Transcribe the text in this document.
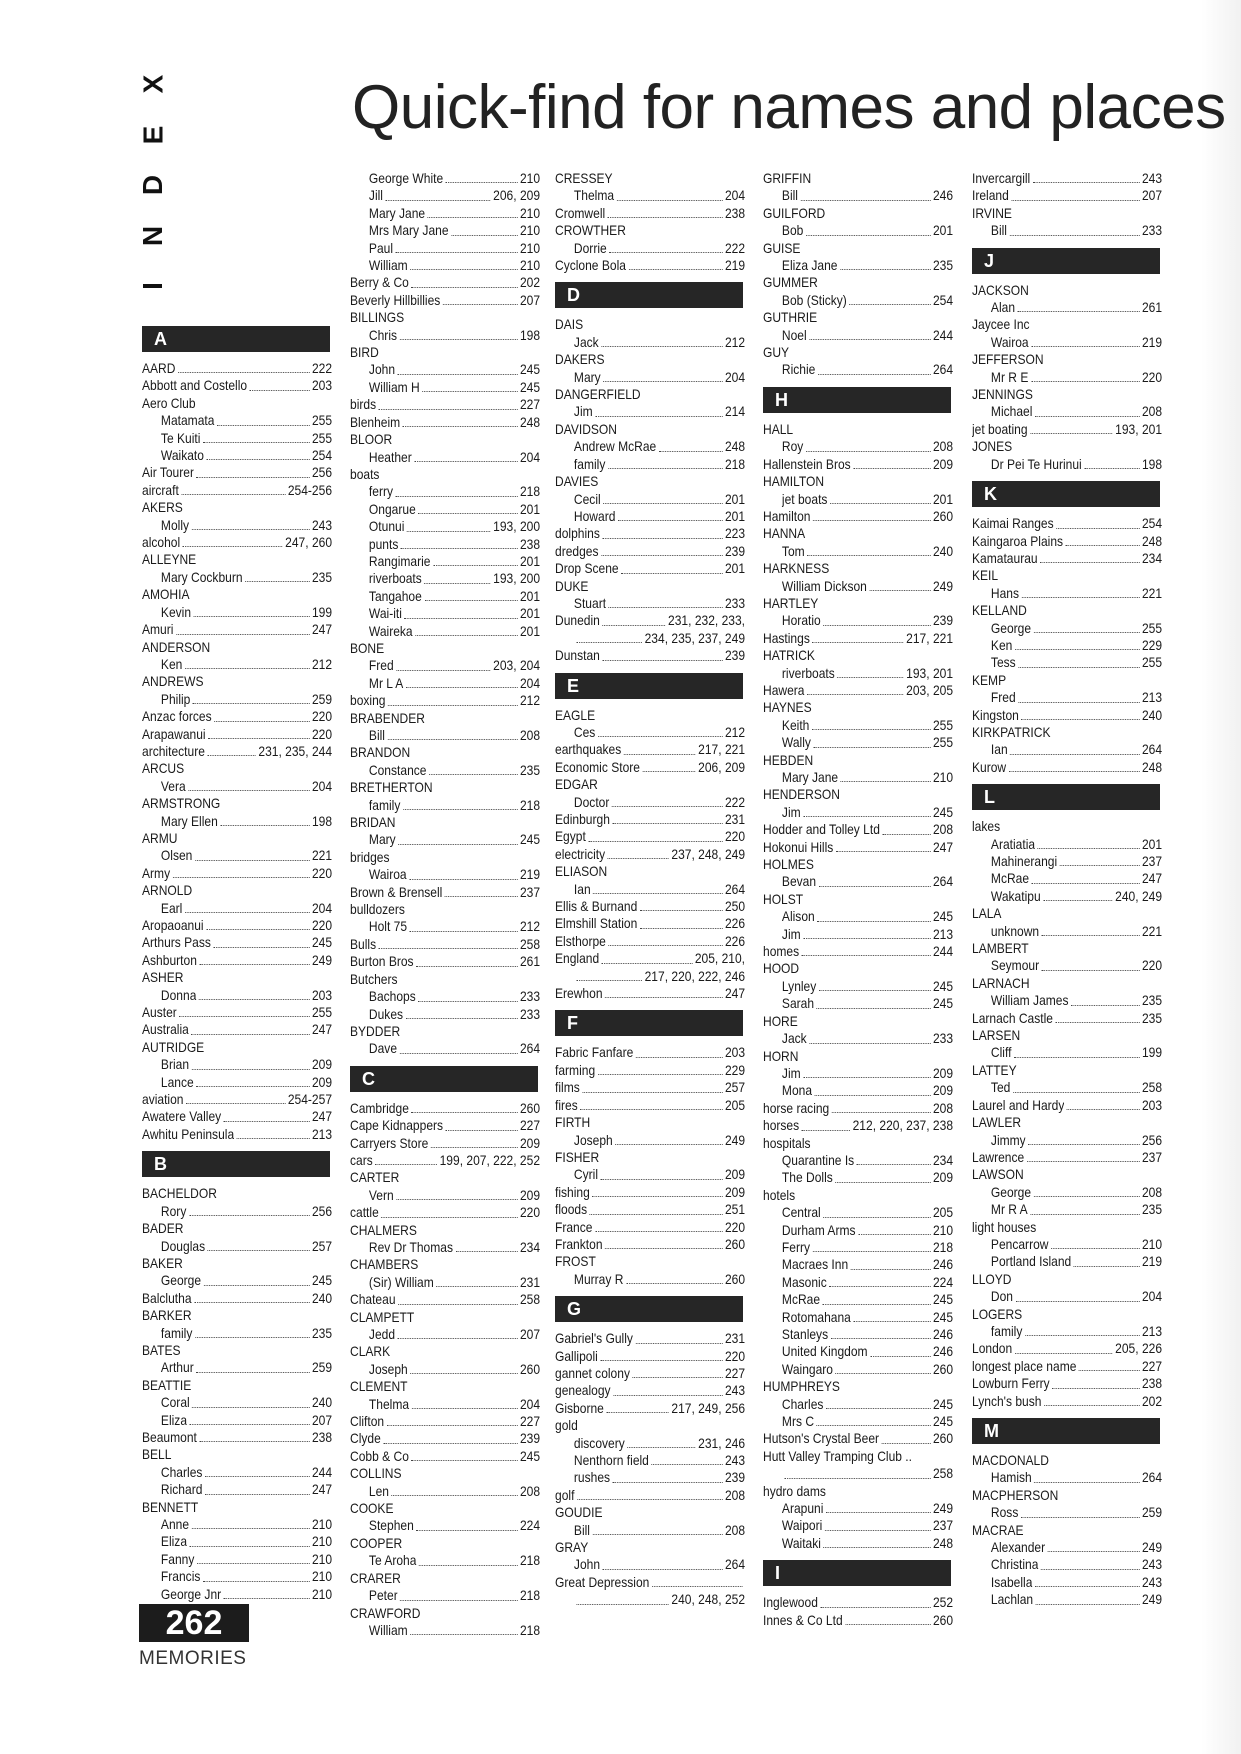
X
E
D
N
I
Quick-find for names and places
A
AARD	222
Abbott and Costello	203
Aero Club
Matamata	255
Te Kuiti	255
Waikato	254
Air Tourer	256
aircraft	254-256
AKERS
Molly	243
alcohol	247, 260
ALLEYNE
Mary Cockburn	235
AMOHIA
Kevin	199
Amuri	247
ANDERSON
Ken	212
ANDREWS
Philip	259
Anzac forces	220
Arapawanui	220
architecture	231, 235, 244
ARCUS
Vera	204
ARMSTRONG
Mary Ellen	198
ARMU
Olsen	221
Army	220
ARNOLD
Earl	204
Aropaoanui	220
Arthurs Pass	245
Ashburton	249
ASHER
Donna	203
Auster	255
Australia	247
AUTRIDGE
Brian	209
Lance	209
aviation	254-257
Awatere Valley	247
Awhitu Peninsula	213
B
BACHELDOR
Rory	256
BADER
Douglas	257
BAKER
George	245
Balclutha	240
BARKER
family	235
BATES
Arthur	259
BEATTIE
Coral	240
Eliza	207
Beaumont	238
BELL
Charles	244
Richard	247
BENNETT
Anne	210
Eliza	210
Fanny	210
Francis	210
George Jnr	210
George White	210
Jill	206, 209
Mary Jane	210
Mrs Mary Jane	210
Paul	210
William	210
Berry & Co	202
Beverly Hillbillies	207
BILLINGS
Chris	198
BIRD
John	245
William H	245
birds	227
Blenheim	248
BLOOR
Heather	204
boats
ferry	218
Ongarue	201
Otunui	193, 200
punts	238
Rangimarie	201
riverboats	193, 200
Tangahoe	201
Wai-iti	201
Waireka	201
BONE
Fred	203, 204
Mr L A	204
boxing	212
BRABENDER
Bill	208
BRANDON
Constance	235
BRETHERTON
family	218
BRIDAN
Mary	245
bridges
Wairoa	219
Brown & Brensell	237
bulldozers
Holt 75	212
Bulls	258
Burton Bros	261
Butchers
Bachops	233
Dukes	233
BYDDER
Dave	264
C
Cambridge	260
Cape Kidnappers	227
Carryers Store	209
cars	199, 207, 222, 252
CARTER
Vern	209
cattle	220
CHALMERS
Rev Dr Thomas	234
CHAMBERS
(Sir) William	231
Chateau	258
CLAMPETT
Jedd	207
CLARK
Joseph	260
CLEMENT
Thelma	204
Clifton	227
Clyde	239
Cobb & Co	245
COLLINS
Len	208
COOKE
Stephen	224
COOPER
Te Aroha	218
CRARER
Peter	218
CRAWFORD
William	218
CRESSEY
Thelma	204
Cromwell	238
CROWTHER
Dorrie	222
Cyclone Bola	219
D
DAIS
Jack	212
DAKERS
Mary	204
DANGERFIELD
Jim	214
DAVIDSON
Andrew McRae	248
family	218
DAVIES
Cecil	201
Howard	201
dolphins	223
dredges	239
Drop Scene	201
DUKE
Stuart	233
Dunedin	231, 232, 233,
234, 235, 237, 249
Dunstan	239
E
EAGLE
Ces	212
earthquakes	217, 221
Economic Store	206, 209
EDGAR
Doctor	222
Edinburgh	231
Egypt	220
electricity	237, 248, 249
ELIASON
Ian	264
Ellis & Burnand	250
Elmshill Station	226
Elsthorpe	226
England	205, 210,
217, 220, 222, 246
Erewhon	247
F
Fabric Fanfare	203
farming	229
films	257
fires	205
FIRTH
Joseph	249
FISHER
Cyril	209
fishing	209
floods	251
France	220
Frankton	260
FROST
Murray R	260
G
Gabriel's Gully	231
Gallipoli	220
gannet colony	227
genealogy	243
Gisborne	217, 249, 256
gold
discovery	231, 246
Nenthorn field	243
rushes	239
golf	208
GOUDIE
Bill	208
GRAY
John	264
Great Depression
240, 248, 252
GRIFFIN
Bill	246
GUILFORD
Bob	201
GUISE
Eliza Jane	235
GUMMER
Bob (Sticky)	254
GUTHRIE
Noel	244
GUY
Richie	264
H
HALL
Roy	208
Hallenstein Bros	209
HAMILTON
jet boats	201
Hamilton	260
HANNA
Tom	240
HARKNESS
William Dickson	249
HARTLEY
Horatio	239
Hastings	217, 221
HATRICK
riverboats	193, 201
Hawera	203, 205
HAYNES
Keith	255
Wally	255
HEBDEN
Mary Jane	210
HENDERSON
Jim	245
Hodder and Tolley Ltd	208
Hokonui Hills	247
HOLMES
Bevan	264
HOLST
Alison	245
Jim	213
homes	244
HOOD
Lynley	245
Sarah	245
HORE
Jack	233
HORN
Jim	209
Mona	209
horse racing	208
horses	212, 220, 237, 238
hospitals
Quarantine Is	234
The Dolls	209
hotels
Central	205
Durham Arms	210
Ferry	218
Macraes Inn	246
Masonic	224
McRae	245
Rotomahana	245
Stanleys	246
United Kingdom	246
Waingaro	260
HUMPHREYS
Charles	245
Mrs C	245
Hutson's Crystal Beer	260
Hutt Valley Tramping Club ..
258
hydro dams
Arapuni	249
Waipori	237
Waitaki	248
I
Inglewood	252
Innes & Co Ltd	260
Invercargill	243
Ireland	207
IRVINE
Bill	233
J
JACKSON
Alan	261
Jaycee Inc
Wairoa	219
JEFFERSON
Mr R E	220
JENNINGS
Michael	208
jet boating	193, 201
JONES
Dr Pei Te Hurinui	198
K
Kaimai Ranges	254
Kaingaroa Plains	248
Kamataurau	234
KEIL
Hans	221
KELLAND
George	255
Ken	229
Tess	255
KEMP
Fred	213
Kingston	240
KIRKPATRICK
Ian	264
Kurow	248
L
lakes
Aratiatia	201
Mahinerangi	237
McRae	247
Wakatipu	240, 249
LALA
unknown	221
LAMBERT
Seymour	220
LARNACH
William James	235
Larnach Castle	235
LARSEN
Cliff	199
LATTEY
Ted	258
Laurel and Hardy	203
LAWLER
Jimmy	256
Lawrence	237
LAWSON
George	208
Mr R A	235
light houses
Pencarrow	210
Portland Island	219
LLOYD
Don	204
LOGERS
family	213
London	205, 226
longest place name	227
Lowburn Ferry	238
Lynch's bush	202
M
MACDONALD
Hamish	264
MACPHERSON
Ross	259
MACRAE
Alexander	249
Christina	243
Isabella	243
Lachlan	249
262
MEMORIES
